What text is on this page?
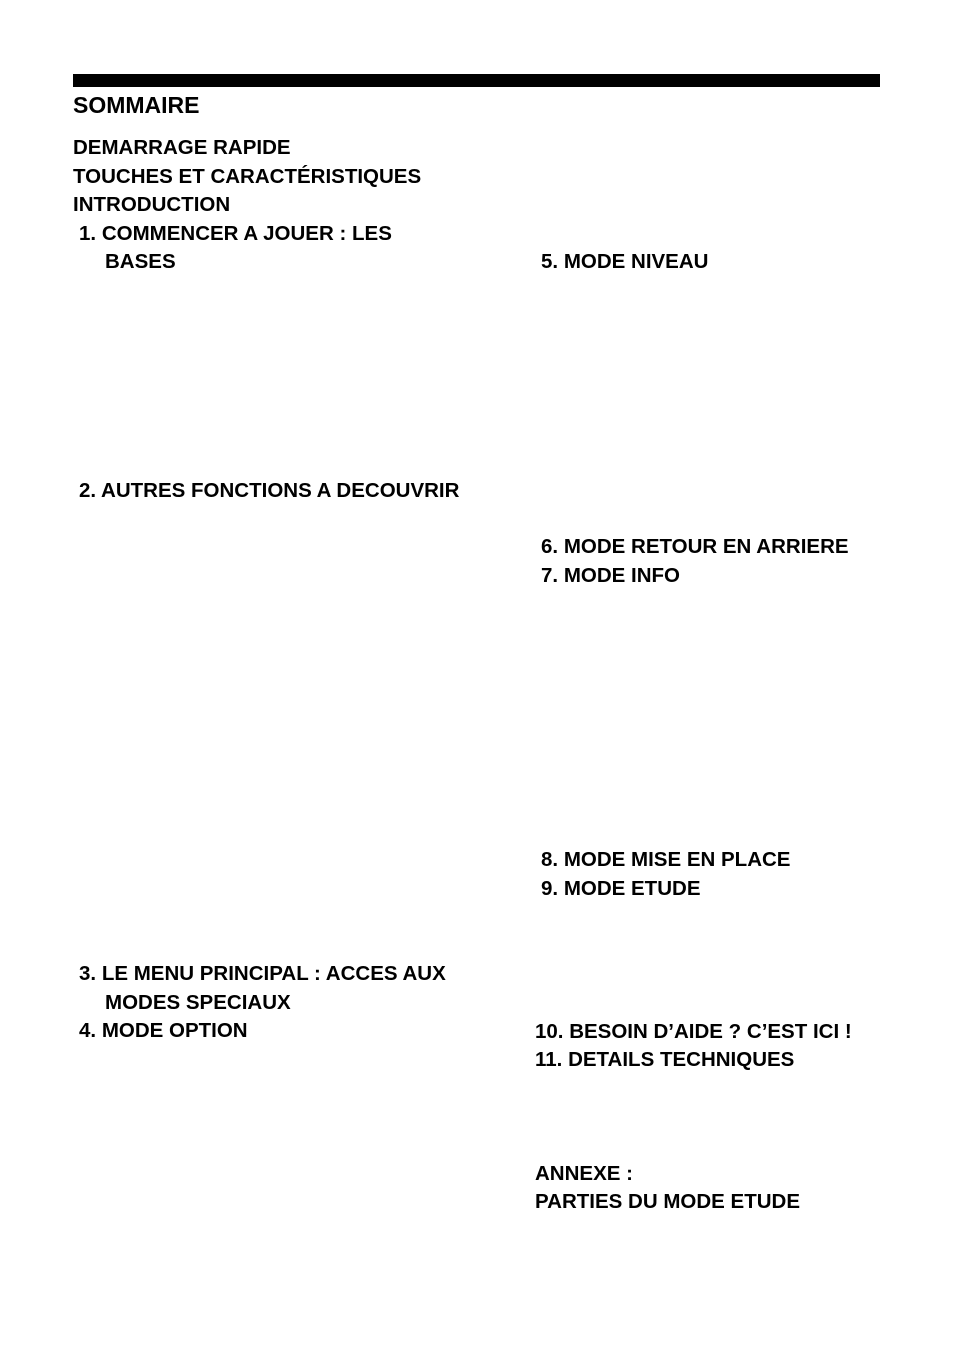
SOMMAIRE
DEMARRAGE RAPIDE
TOUCHES ET CARACTÉRISTIQUES
INTRODUCTION
1. COMMENCER A JOUER : LES
BASES
2. AUTRES FONCTIONS A DECOUVRIR
3. LE MENU PRINCIPAL : ACCES AUX
MODES SPECIAUX
4. MODE OPTION
5. MODE NIVEAU
6. MODE RETOUR EN ARRIERE
7. MODE INFO
8. MODE MISE EN PLACE
9. MODE ETUDE
10. BESOIN D’AIDE ? C’EST ICI !
11. DETAILS TECHNIQUES
ANNEXE :
PARTIES DU MODE ETUDE
